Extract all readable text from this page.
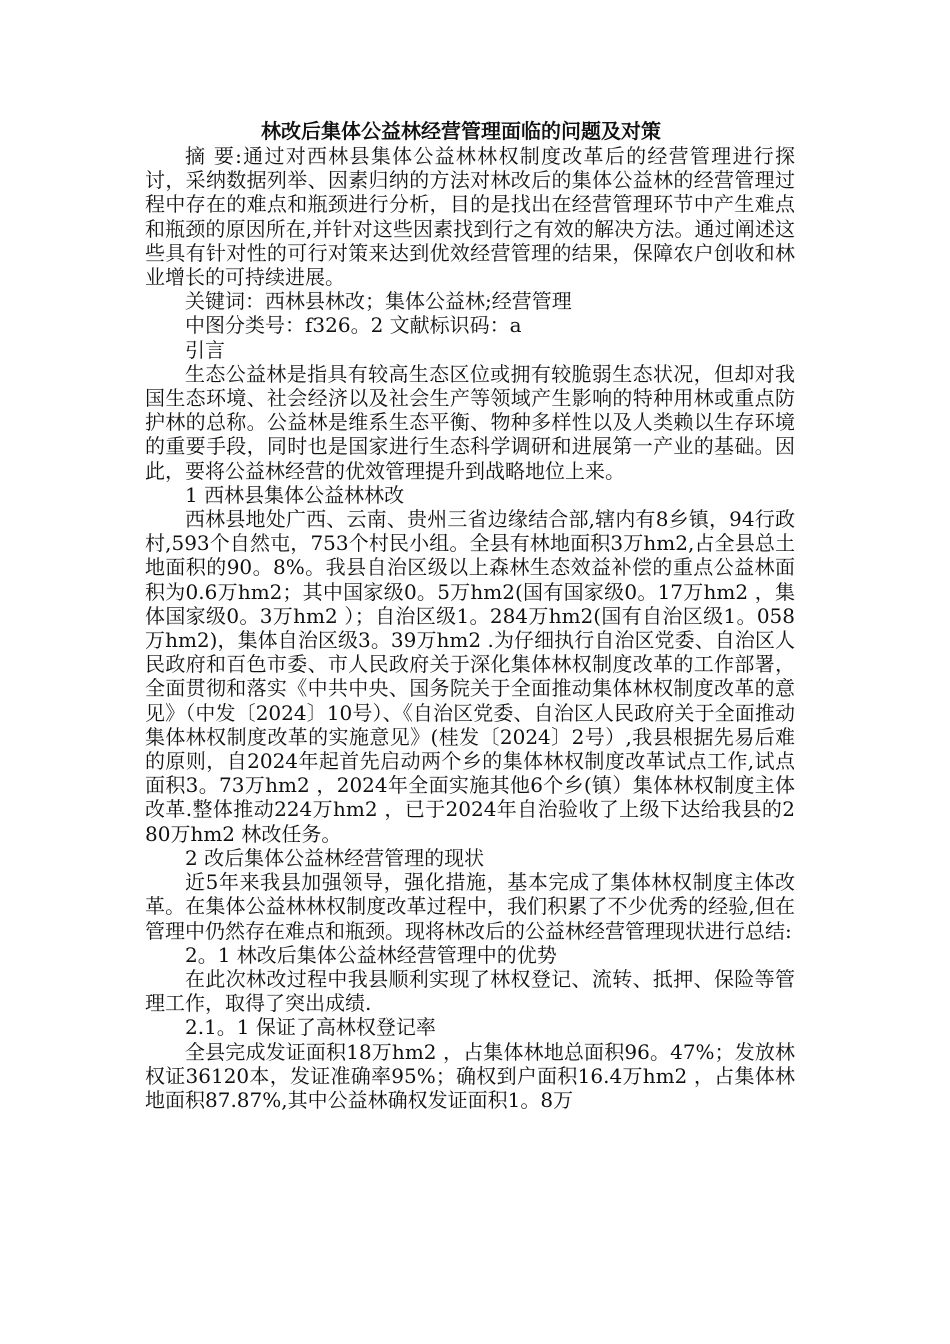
林改后集体公益林经营管理面临的问题及对策

摘 要:通过对西林县集体公益林林权制度改革后的经营管理进行探讨，采纳数据列举、因素归纳的方法对林改后的集体公益林的经营管理过程中存在的难点和瓶颈进行分析，目的是找出在经营管理环节中产生难点和瓶颈的原因所在,并针对这些因素找到行之有效的解决方法。通过阐述这些具有针对性的可行对策来达到优效经营管理的结果，保障农户创收和林业增长的可持续进展。

关键词：西林县林改；集体公益林;经营管理

中图分类号：f326。2 文献标识码：a

引言

生态公益林是指具有较高生态区位或拥有较脆弱生态状况，但却对我国生态环境、社会经济以及社会生产等领域产生影响的特种用林或重点防护林的总称。公益林是维系生态平衡、物种多样性以及人类赖以生存环境的重要手段，同时也是国家进行生态科学调研和进展第一产业的基础。因此，要将公益林经营的优效管理提升到战略地位上来。

1 西林县集体公益林林改

西林县地处广西、云南、贵州三省边缘结合部,辖内有8乡镇，94行政村,593个自然屯，753个村民小组。全县有林地面积3万hm2,占全县总土地面积的90。8%。我县自治区级以上森林生态效益补偿的重点公益林面积为0.6万hm2；其中国家级0。5万hm2(国有国家级0。17万hm2 ，集体国家级0。3万hm2 ）；自治区级1。284万hm2(国有自治区级1。058万hm2)，集体自治区级3。39万hm2 .为仔细执行自治区党委、自治区人民政府和百色市委、市人民政府关于深化集体林权制度改革的工作部署，全面贯彻和落实《中共中央、国务院关于全面推动集体林权制度改革的意见》（中发〔2024〕10号）、《自治区党委、自治区人民政府关于全面推动集体林权制度改革的实施意见》(桂发〔2024〕2号）,我县根据先易后难的原则，自2024年起首先启动两个乡的集体林权制度改革试点工作,试点面积3。73万hm2 ，2024年全面实施其他6个乡(镇）集体林权制度主体改革.整体推动224万hm2 ，已于2024年自治验收了上级下达给我县的280万hm2 林改任务。

2 改后集体公益林经营管理的现状

近5年来我县加强领导，强化措施，基本完成了集体林权制度主体改革。在集体公益林林权制度改革过程中，我们积累了不少优秀的经验,但在管理中仍然存在难点和瓶颈。现将林改后的公益林经营管理现状进行总结:

2。1 林改后集体公益林经营管理中的优势

在此次林改过程中我县顺利实现了林权登记、流转、抵押、保险等管理工作，取得了突出成绩.

2.1。1 保证了高林权登记率

全县完成发证面积18万hm2 ，占集体林地总面积96。47%；发放林权证36120本，发证准确率95%；确权到户面积16.4万hm2 ，占集体林地面积87.87%,其中公益林确权发证面积1。8万
